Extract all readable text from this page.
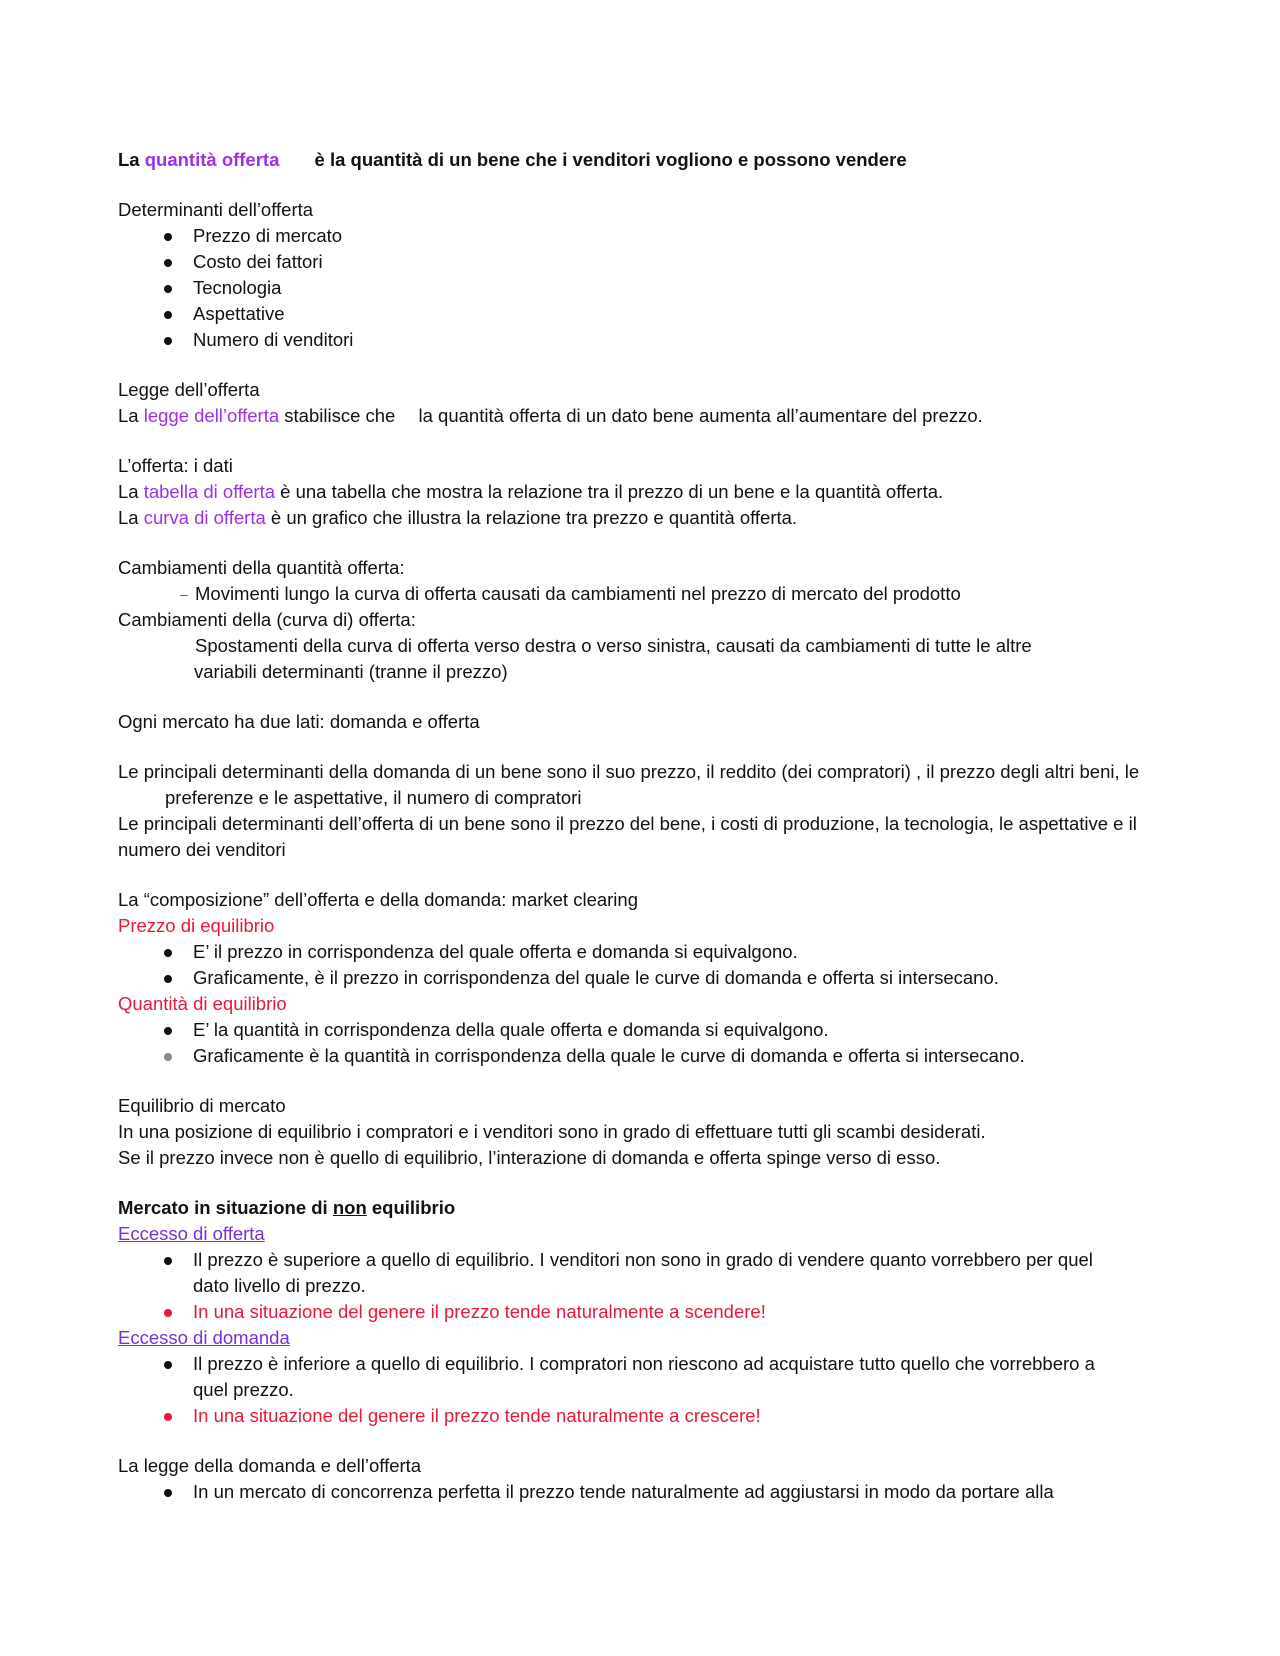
La quantità offerta è la quantità di un bene che i venditori vogliono e possono vendere

Determinanti dell’offerta

Prezzo di mercato
Costo dei fattori
Tecnologia
Aspettative
Numero di venditori

Legge dell’offerta

La legge dell’offerta stabilisce che la quantità offerta di un dato bene aumenta all’aumentare del prezzo.

L’offerta: i dati

La tabella di offerta è una tabella che mostra la relazione tra il prezzo di un bene e la quantità offerta.

La curva di offerta è un grafico che illustra la relazione tra prezzo e quantità offerta.

Cambiamenti della quantità offerta:

– Movimenti lungo la curva di offerta causati da cambiamenti nel prezzo di mercato del prodotto

Cambiamenti della (curva di) offerta:

Spostamenti della curva di offerta verso destra o verso sinistra, causati da cambiamenti di tutte le altre

variabili determinanti (tranne il prezzo)

Ogni mercato ha due lati: domanda e offerta

Le principali determinanti della domanda di un bene sono il suo prezzo, il reddito (dei compratori) , il prezzo degli altri beni, le preferenze e le aspettative, il numero di compratori

Le principali determinanti dell’offerta di un bene sono il prezzo del bene, i costi di produzione, la tecnologia, le aspettative e il numero dei venditori

La “composizione” dell’offerta e della domanda: market clearing

Prezzo di equilibrio

E’ il prezzo in corrispondenza del quale offerta e domanda si equivalgono.
Graficamente, è il prezzo in corrispondenza del quale le curve di domanda e offerta si intersecano.

Quantità di equilibrio

E’ la quantità in corrispondenza della quale offerta e domanda si equivalgono.
Graficamente è la quantità in corrispondenza della quale le curve di domanda e offerta si intersecano.

Equilibrio di mercato

In una posizione di equilibrio i compratori e i venditori sono in grado di effettuare tutti gli scambi desiderati.

Se il prezzo invece non è quello di equilibrio, l’interazione di domanda e offerta spinge verso di esso.

Mercato in situazione di non equilibrio

Eccesso di offerta

Il prezzo è superiore a quello di equilibrio. I venditori non sono in grado di vendere quanto vorrebbero per quel dato livello di prezzo.
In una situazione del genere il prezzo tende naturalmente a scendere!

Eccesso di domanda

Il prezzo è inferiore a quello di equilibrio. I compratori non riescono ad acquistare tutto quello che vorrebbero a quel prezzo.
In una situazione del genere il prezzo tende naturalmente a crescere!

La legge della domanda e dell’offerta

In un mercato di concorrenza perfetta il prezzo tende naturalmente ad aggiustarsi in modo da portare alla
